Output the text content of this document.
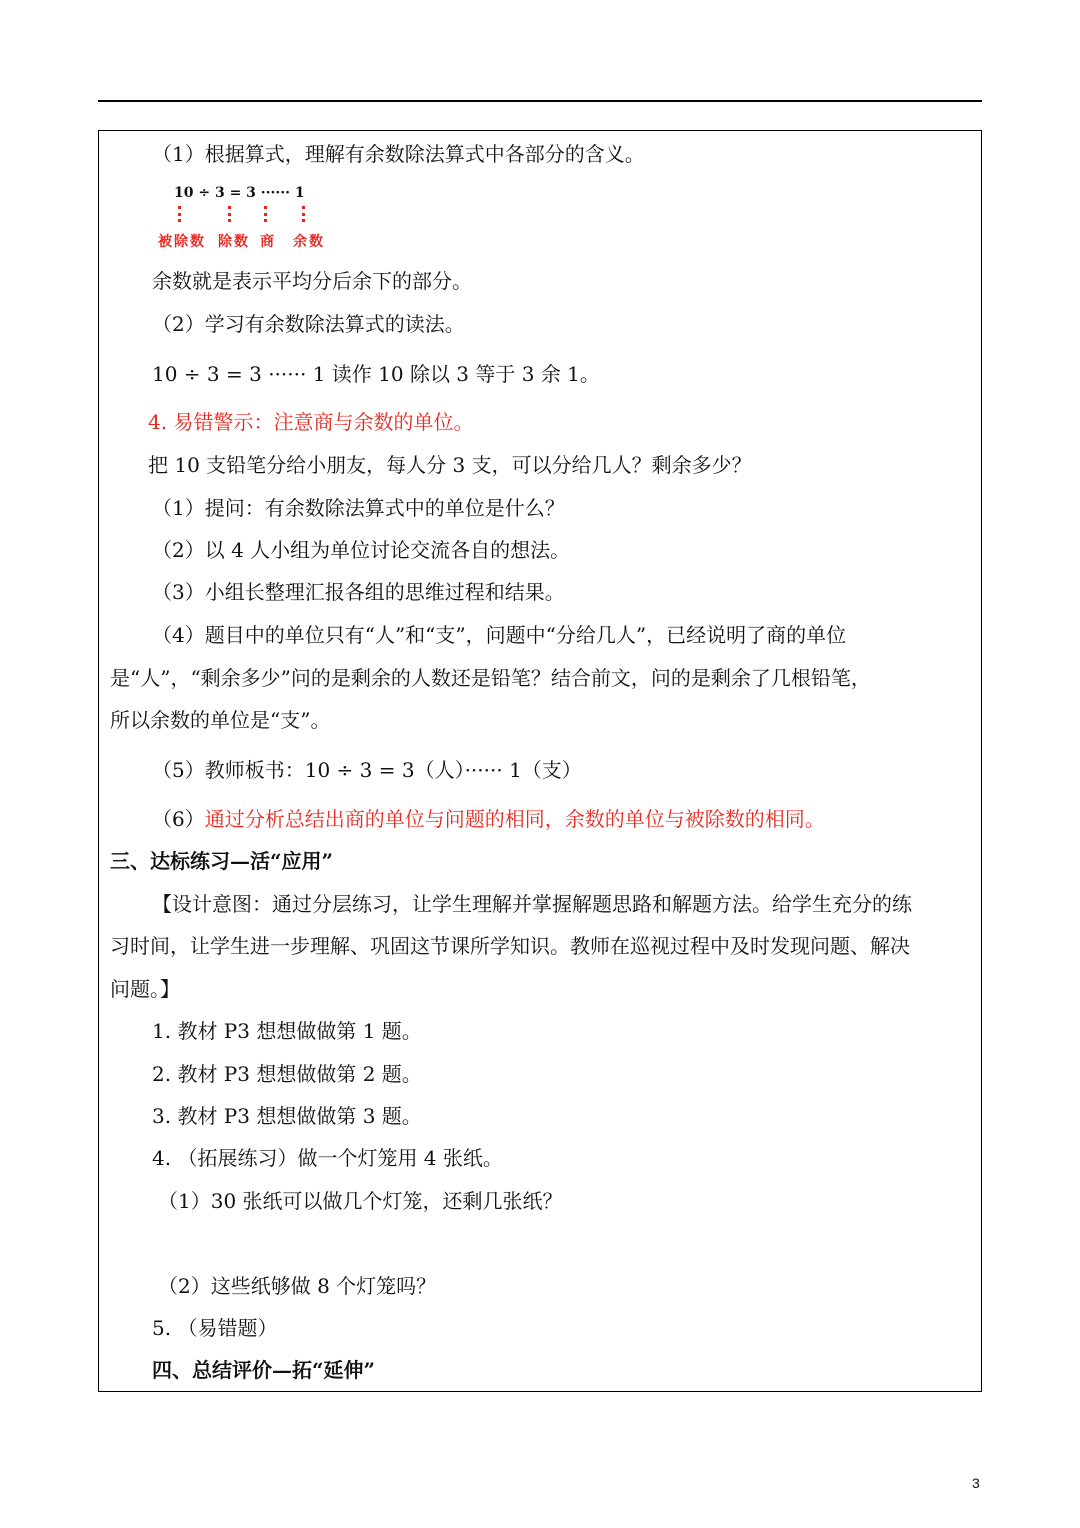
（1）根据算式，理解有余数除法算式中各部分的含义。
10 ÷ 3 = 3 ······ 1
被除数 除数 商 余数
余数就是表示平均分后余下的部分。
（2）学习有余数除法算式的读法。
10 ÷ 3 = 3 ······ 1 读作 10 除以 3 等于 3 余 1。
4. 易错警示：注意商与余数的单位。
把 10 支铅笔分给小朋友，每人分 3 支，可以分给几人？剩余多少？
（1）提问：有余数除法算式中的单位是什么？
（2）以 4 人小组为单位讨论交流各自的想法。
（3）小组长整理汇报各组的思维过程和结果。
（4）题目中的单位只有“人”和“支”，问题中“分给几人”，已经说明了商的单位
是“人”，“剩余多少”问的是剩余的人数还是铅笔？结合前文，问的是剩余了几根铅笔，
所以余数的单位是“支”。
（5）教师板书：10 ÷ 3 = 3（人）······ 1（支）
（6）通过分析总结出商的单位与问题的相同，余数的单位与被除数的相同。
三、达标练习—活“应用”
【设计意图：通过分层练习，让学生理解并掌握解题思路和解题方法。给学生充分的练
习时间，让学生进一步理解、巩固这节课所学知识。教师在巡视过程中及时发现问题、解决
问题。】
1. 教材 P3 想想做做第 1 题。
2. 教材 P3 想想做做第 2 题。
3. 教材 P3 想想做做第 3 题。
4. （拓展练习）做一个灯笼用 4 张纸。
（1）30 张纸可以做几个灯笼，还剩几张纸？
（2）这些纸够做 8 个灯笼吗？
5. （易错题）
四、总结评价—拓“延伸”
3
